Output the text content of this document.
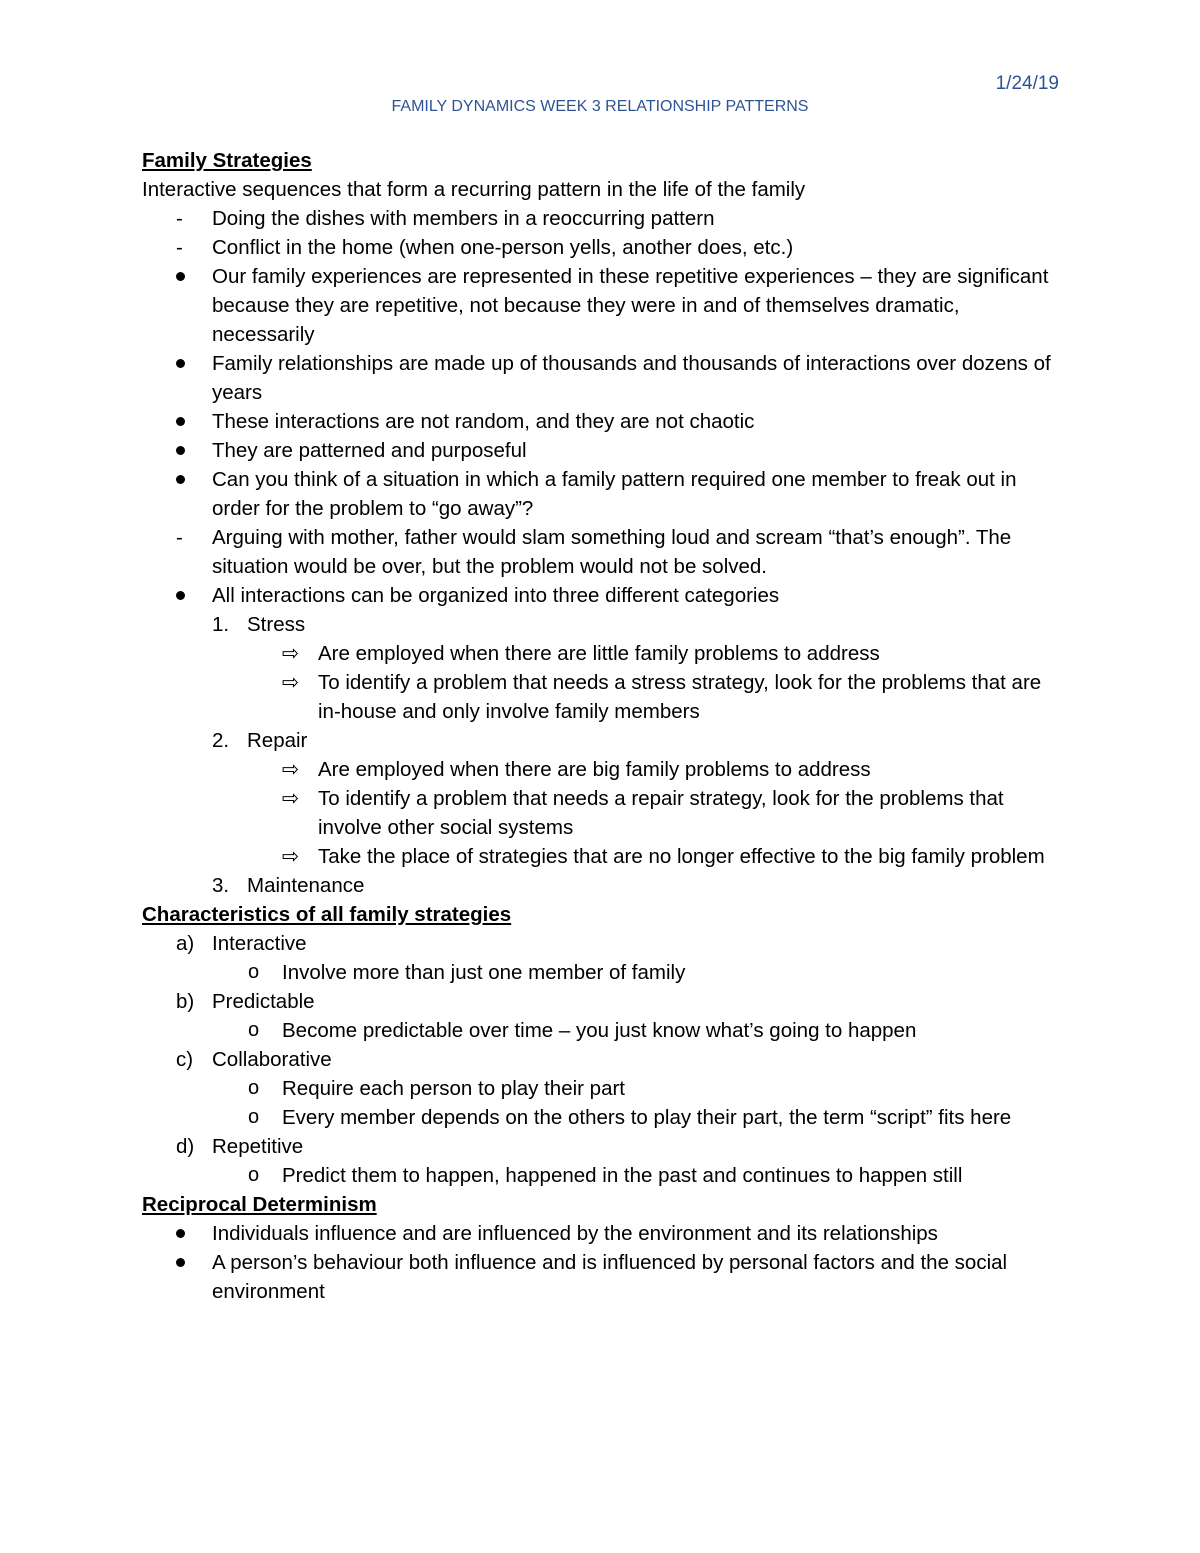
1/24/19
FAMILY DYNAMICS WEEK 3 RELATIONSHIP PATTERNS
Family Strategies
Interactive sequences that form a recurring pattern in the life of the family
- Doing the dishes with members in a reoccurring pattern
- Conflict in the home (when one-person yells, another does, etc.)
Our family experiences are represented in these repetitive experiences – they are significant because they are repetitive, not because they were in and of themselves dramatic, necessarily
Family relationships are made up of thousands and thousands of interactions over dozens of years
These interactions are not random, and they are not chaotic
They are patterned and purposeful
Can you think of a situation in which a family pattern required one member to freak out in order for the problem to “go away”?
- Arguing with mother, father would slam something loud and scream “that’s enough”. The situation would be over, but the problem would not be solved.
All interactions can be organized into three different categories
1. Stress
⇨ Are employed when there are little family problems to address
⇨ To identify a problem that needs a stress strategy, look for the problems that are in-house and only involve family members
2. Repair
⇨ Are employed when there are big family problems to address
⇨ To identify a problem that needs a repair strategy, look for the problems that involve other social systems
⇨ Take the place of strategies that are no longer effective to the big family problem
3. Maintenance
Characteristics of all family strategies
a) Interactive
o Involve more than just one member of family
b) Predictable
o Become predictable over time – you just know what’s going to happen
c) Collaborative
o Require each person to play their part
o Every member depends on the others to play their part, the term “script” fits here
d) Repetitive
o Predict them to happen, happened in the past and continues to happen still
Reciprocal Determinism
Individuals influence and are influenced by the environment and its relationships
A person’s behaviour both influence and is influenced by personal factors and the social environment
